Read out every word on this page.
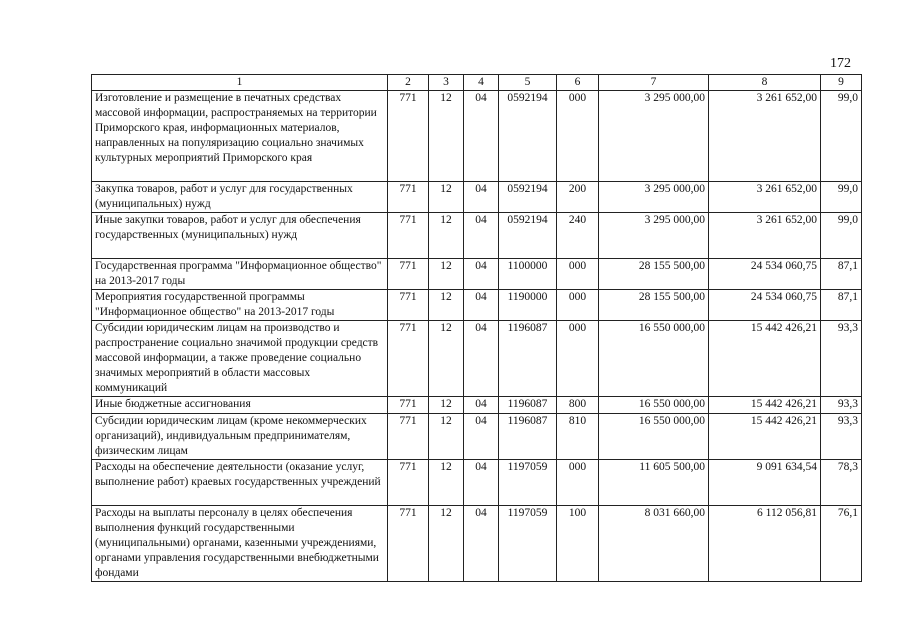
172
1	2	3	4	5	6	7	8	9
Изготовление и размещение в печатных средствах массовой информации, распространяемых на территории Приморского края, информационных материалов, направленных на популяризацию социально значимых культурных мероприятий Приморского края	771	12	04	0592194	000	3 295 000,00	3 261 652,00	99,0
Закупка товаров, работ и услуг для государственных (муниципальных) нужд	771	12	04	0592194	200	3 295 000,00	3 261 652,00	99,0
Иные закупки товаров, работ и услуг для обеспечения государственных (муниципальных) нужд	771	12	04	0592194	240	3 295 000,00	3 261 652,00	99,0
Государственная программа "Информационное общество" на 2013-2017 годы	771	12	04	1100000	000	28 155 500,00	24 534 060,75	87,1
Мероприятия государственной программы "Информационное общество" на 2013-2017 годы	771	12	04	1190000	000	28 155 500,00	24 534 060,75	87,1
Субсидии юридическим лицам на производство и распространение социально значимой продукции средств массовой информации, а также проведение социально значимых мероприятий в области массовых коммуникаций	771	12	04	1196087	000	16 550 000,00	15 442 426,21	93,3
Иные бюджетные ассигнования	771	12	04	1196087	800	16 550 000,00	15 442 426,21	93,3
Субсидии юридическим лицам (кроме некоммерческих организаций), индивидуальным предпринимателям, физическим лицам	771	12	04	1196087	810	16 550 000,00	15 442 426,21	93,3
Расходы на обеспечение деятельности (оказание услуг, выполнение работ) краевых государственных учреждений	771	12	04	1197059	000	11 605 500,00	9 091 634,54	78,3
Расходы на выплаты персоналу в целях обеспечения выполнения функций государственными (муниципальными) органами, казенными учреждениями, органами управления государственными внебюджетными фондами	771	12	04	1197059	100	8 031 660,00	6 112 056,81	76,1
